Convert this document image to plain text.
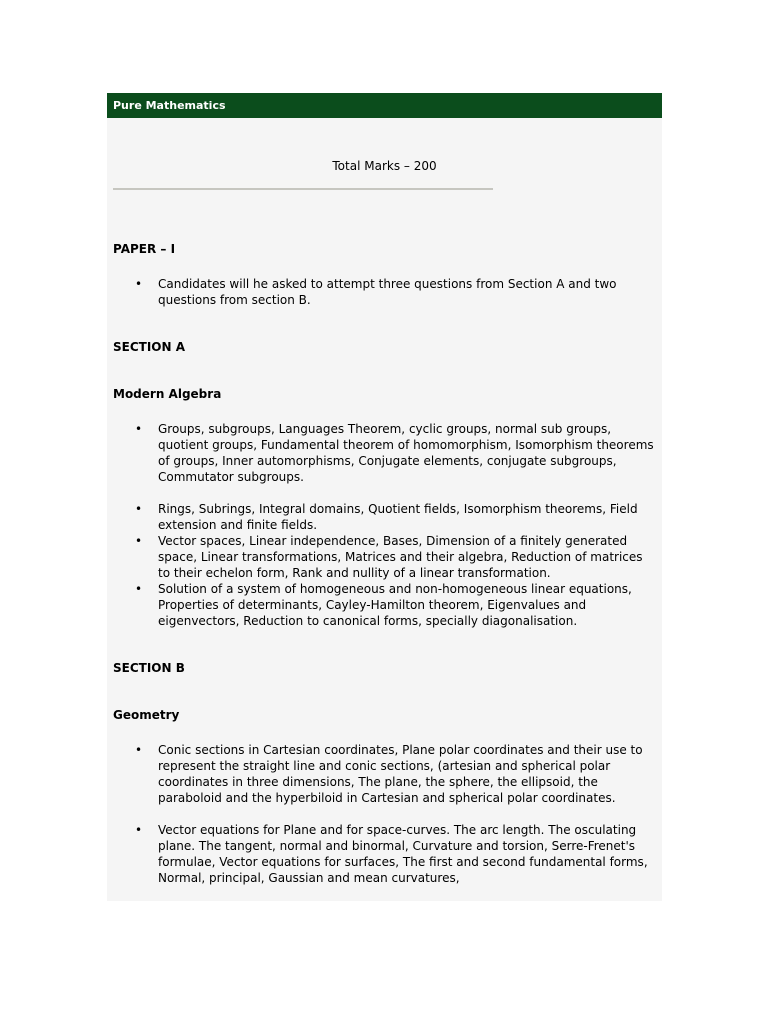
Pure Mathematics
Total Marks – 200
PAPER – I
• Candidates will he asked to attempt three questions from Section A and two questions from section B.
SECTION A
Modern Algebra
• Groups, subgroups, Languages Theorem, cyclic groups, normal sub groups, quotient groups, Fundamental theorem of homomorphism, Isomorphism theorems of groups, Inner automorphisms, Conjugate elements, conjugate subgroups, Commutator subgroups.
• Rings, Subrings, Integral domains, Quotient fields, Isomorphism theorems, Field extension and finite fields.
• Vector spaces, Linear independence, Bases, Dimension of a finitely generated space, Linear transformations, Matrices and their algebra, Reduction of matrices to their echelon form, Rank and nullity of a linear transformation.
• Solution of a system of homogeneous and non-homogeneous linear equations, Properties of determinants, Cayley-Hamilton theorem, Eigenvalues and eigenvectors, Reduction to canonical forms, specially diagonalisation.
SECTION B
Geometry
• Conic sections in Cartesian coordinates, Plane polar coordinates and their use to represent the straight line and conic sections, (artesian and spherical polar coordinates in three dimensions, The plane, the sphere, the ellipsoid, the paraboloid and the hyperbiloid in Cartesian and spherical polar coordinates.
• Vector equations for Plane and for space-curves. The arc length. The osculating plane. The tangent, normal and binormal, Curvature and torsion, Serre-Frenet's formulae, Vector equations for surfaces, The first and second fundamental forms, Normal, principal, Gaussian and mean curvatures,
